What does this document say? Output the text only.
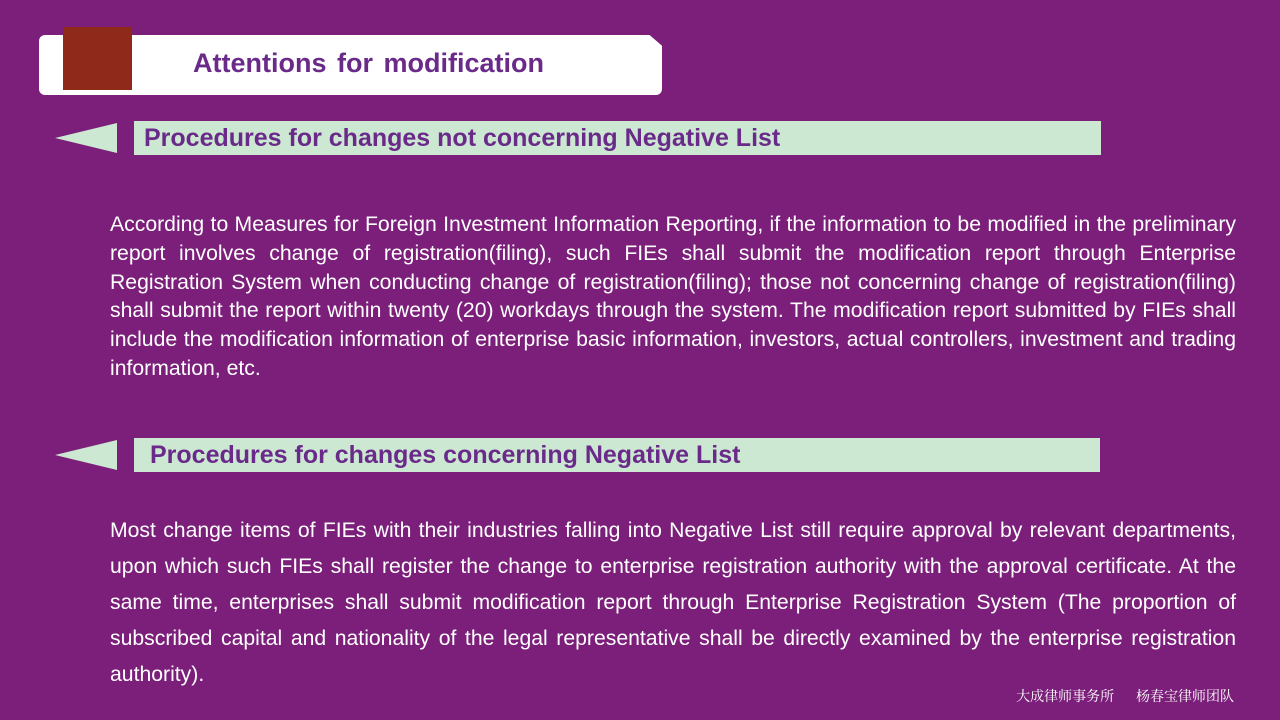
Attentions for modification
Procedures for changes not concerning Negative List

According to Measures for Foreign Investment Information Reporting, if the information to be modified in the preliminary report involves change of registration(filing), such FIEs shall submit the modification report through Enterprise Registration System when conducting change of registration(filing); those not concerning change of registration(filing) shall submit the report within twenty (20) workdays through the system. The modification report submitted by FIEs shall include the modification information of enterprise basic information, investors, actual controllers, investment and trading information, etc.

Procedures for changes concerning Negative List

Most change items of FIEs with their industries falling into Negative List still require approval by relevant departments, upon which such FIEs shall register the change to enterprise registration authority with the approval certificate. At the same time, enterprises shall submit modification report through Enterprise Registration System (The proportion of subscribed capital and nationality of the legal representative shall be directly examined by the enterprise registration authority).

大成律师事务所 杨春宝律师团队
